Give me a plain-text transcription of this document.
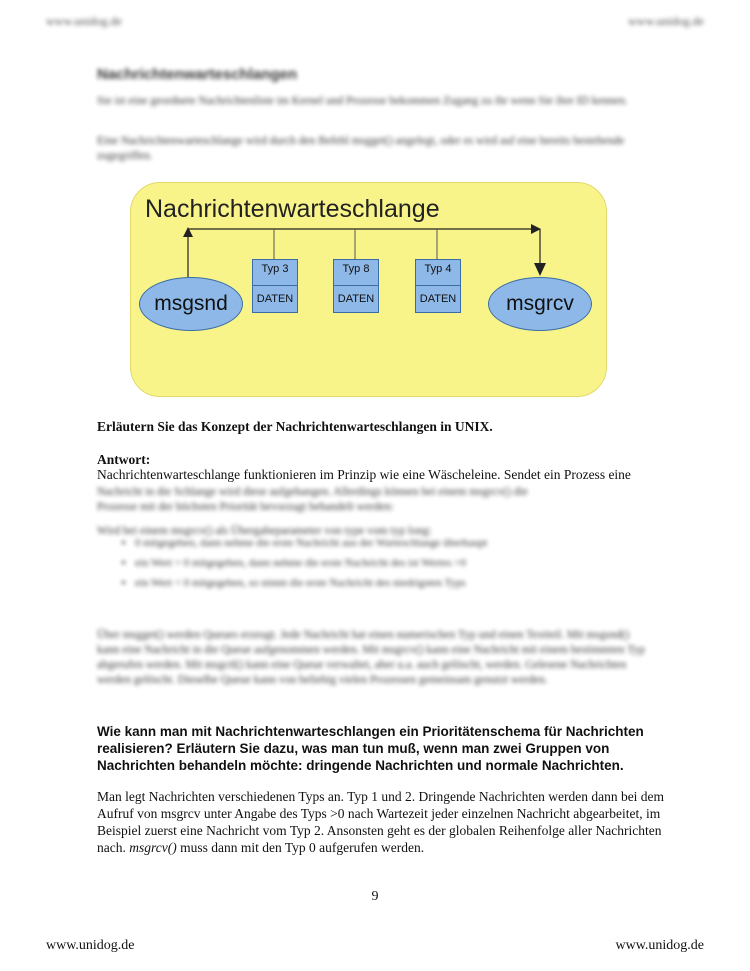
www.unidog.de	www.unidog.de
Nachrichtenwarteschlangen
Sie ist eine geordnete Nachrichtenliste im Kernel und Prozesse bekommen Zugang zu ihr wenn Sie ihre ID kennen.
Eine Nachrichtenwarteschlange wird durch den Befehl msgget() angelegt, oder es wird auf eine bereits bestehende zugegriffen.
Nachrichtenwarteschlange
msgsnd
Typ 3
DATEN
Typ 8
DATEN
Typ 4
DATEN	msgrcv
Erläutern Sie das Konzept der Nachrichtenwarteschlangen in UNIX.
Antwort:
Nachrichtenwarteschlange funktionieren im Prinzip wie eine Wäscheleine. Sendet ein Prozess eine
Nachricht in die Schlange wird diese aufgehangen. Allerdings können bei einem msgrcv() die
Prozesse mit der höchsten Priorität bevorzugt behandelt werden:
Wird bei einem msgrcv() als Übergabeparameter von type vom typ long:
• 0 mitgegeben, dann nehme die erste Nachricht aus der Warteschlange überhaupt
• ein Wert > 0 mitgegeben, dann nehme die erste Nachricht des ist Wertes >0
• ein Wert < 0 mitgegeben, so nimm die erste Nachricht des niedrigsten Typs
Über msgget() werden Queues erzeugt. Jede Nachricht hat einen numerischen Typ und einen Textteil. Mit msgsnd() kann eine Nachricht in die Queue aufgenommen werden. Mit msgrcv() kann eine Nachricht mit einem bestimmten Typ abgerufen werden. Mit msgctl() kann eine Queue verwaltet, aber u.a. auch gelöscht, werden. Gelesene Nachrichten werden gelöscht. Dieselbe Queue kann von beliebig vielen Prozessen gemeinsam genutzt werden.
Wie kann man mit Nachrichtenwarteschlangen ein Prioritätenschema für Nachrichten realisieren? Erläutern Sie dazu, was man tun muß, wenn man zwei Gruppen von Nachrichten behandeln möchte: dringende Nachrichten und normale Nachrichten.
Man legt Nachrichten verschiedenen Typs an. Typ 1 und 2. Dringende Nachrichten werden dann bei dem Aufruf von msgrcv unter Angabe des Typs >0 nach Wartezeit jeder einzelnen Nachricht abgearbeitet, im Beispiel zuerst eine Nachricht vom Typ 2. Ansonsten geht es der globalen Reihenfolge aller Nachrichten nach. msgrcv() muss dann mit den Typ 0 aufgerufen werden.
9
www.unidog.de	www.unidog.de
